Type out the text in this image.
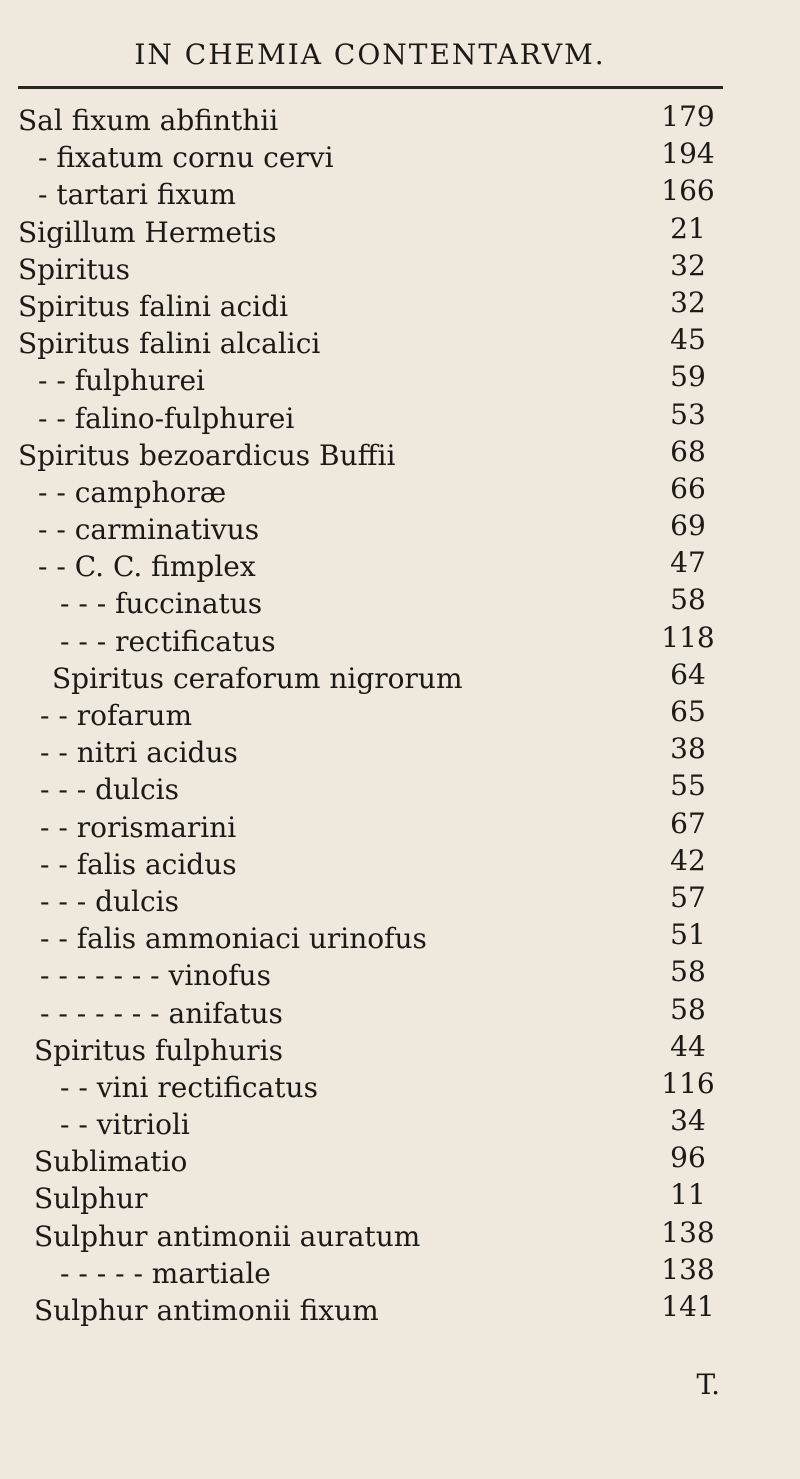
IN CHEMIA CONTENTARVM.
Sal fixum abfinthii	179
- fixatum cornu cervi	194
- tartari fixum	166
Sigillum Hermetis	21
Spiritus	32
Spiritus falini acidi	32
Spiritus falini alcalici	45
- - fulphurei	59
- - falino-fulphurei	53
Spiritus bezoardicus Buffii	68
- - camphoræ	66
- - carminativus	69
- - C. C. fimplex	47
- - - fuccinatus	58
- - - rectificatus	118
Spiritus ceraforum nigrorum	64
- - rofarum	65
- - nitri acidus	38
- - - dulcis	55
- - rorismarini	67
- - falis acidus	42
- - - dulcis	57
- - falis ammoniaci urinofus	51
- - - - - - - vinofus	58
- - - - - - - anifatus	58
Spiritus fulphuris	44
- - vini rectificatus	116
- - vitrioli	34
Sublimatio	96
Sulphur	11
Sulphur antimonii auratum	138
- - - - - martiale	138
Sulphur antimonii fixum	141
T.
